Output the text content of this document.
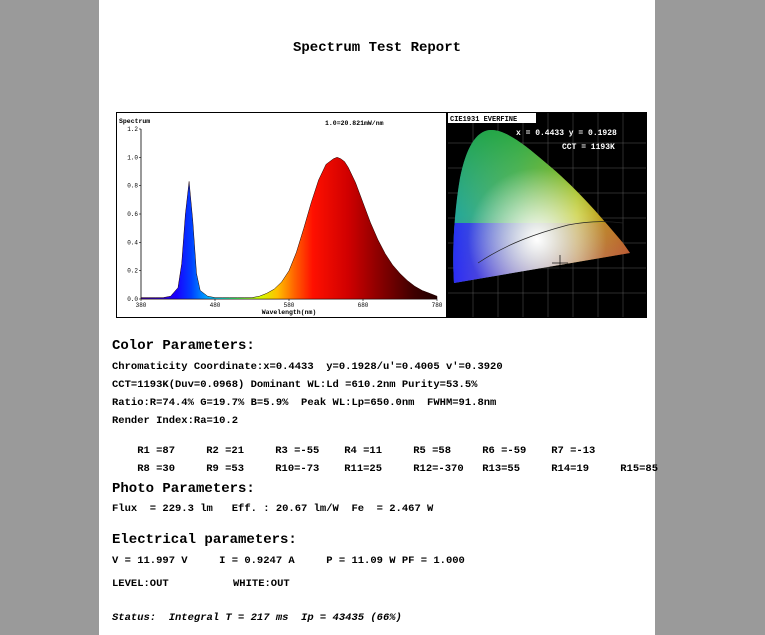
Spectrum Test Report
Spectrum	1.0=20.821mW/nm
1.2
1.0
0.8
0.6
0.4
0.2
0.0
380	480	580	680	780
Wavelength(nm)
CIE1931 EVERFINE
x = 0.4433 y = 0.1928
CCT = 1193K
Color Parameters:
Chromaticity Coordinate:x=0.4433  y=0.1928/u'=0.4005 v'=0.3920
CCT=1193K(Duv=0.0968) Dominant WL:Ld =610.2nm Purity=53.5%
Ratio:R=74.4% G=19.7% B=5.9%  Peak WL:Lp=650.0nm  FWHM=91.8nm
Render Index:Ra=10.2

R1 =87	R2 =21	R3 =-55 R4 =11	R5 =58	R6 =-59 R7 =-13

R8 =30	R9 =53	R10=-73 R11=25	R12=-370 R13=55	R14=19	R15=85

Photo Parameters:
Flux  = 229.3 lm   Eff. : 20.67 lm/W  Fe  = 2.467 W
Electrical parameters:
V = 11.997 V     I = 0.9247 A     P = 11.09 W PF = 1.000
LEVEL:OUT	WHITE:OUT
Status:  Integral T = 217 ms  Ip = 43435 (66%)
